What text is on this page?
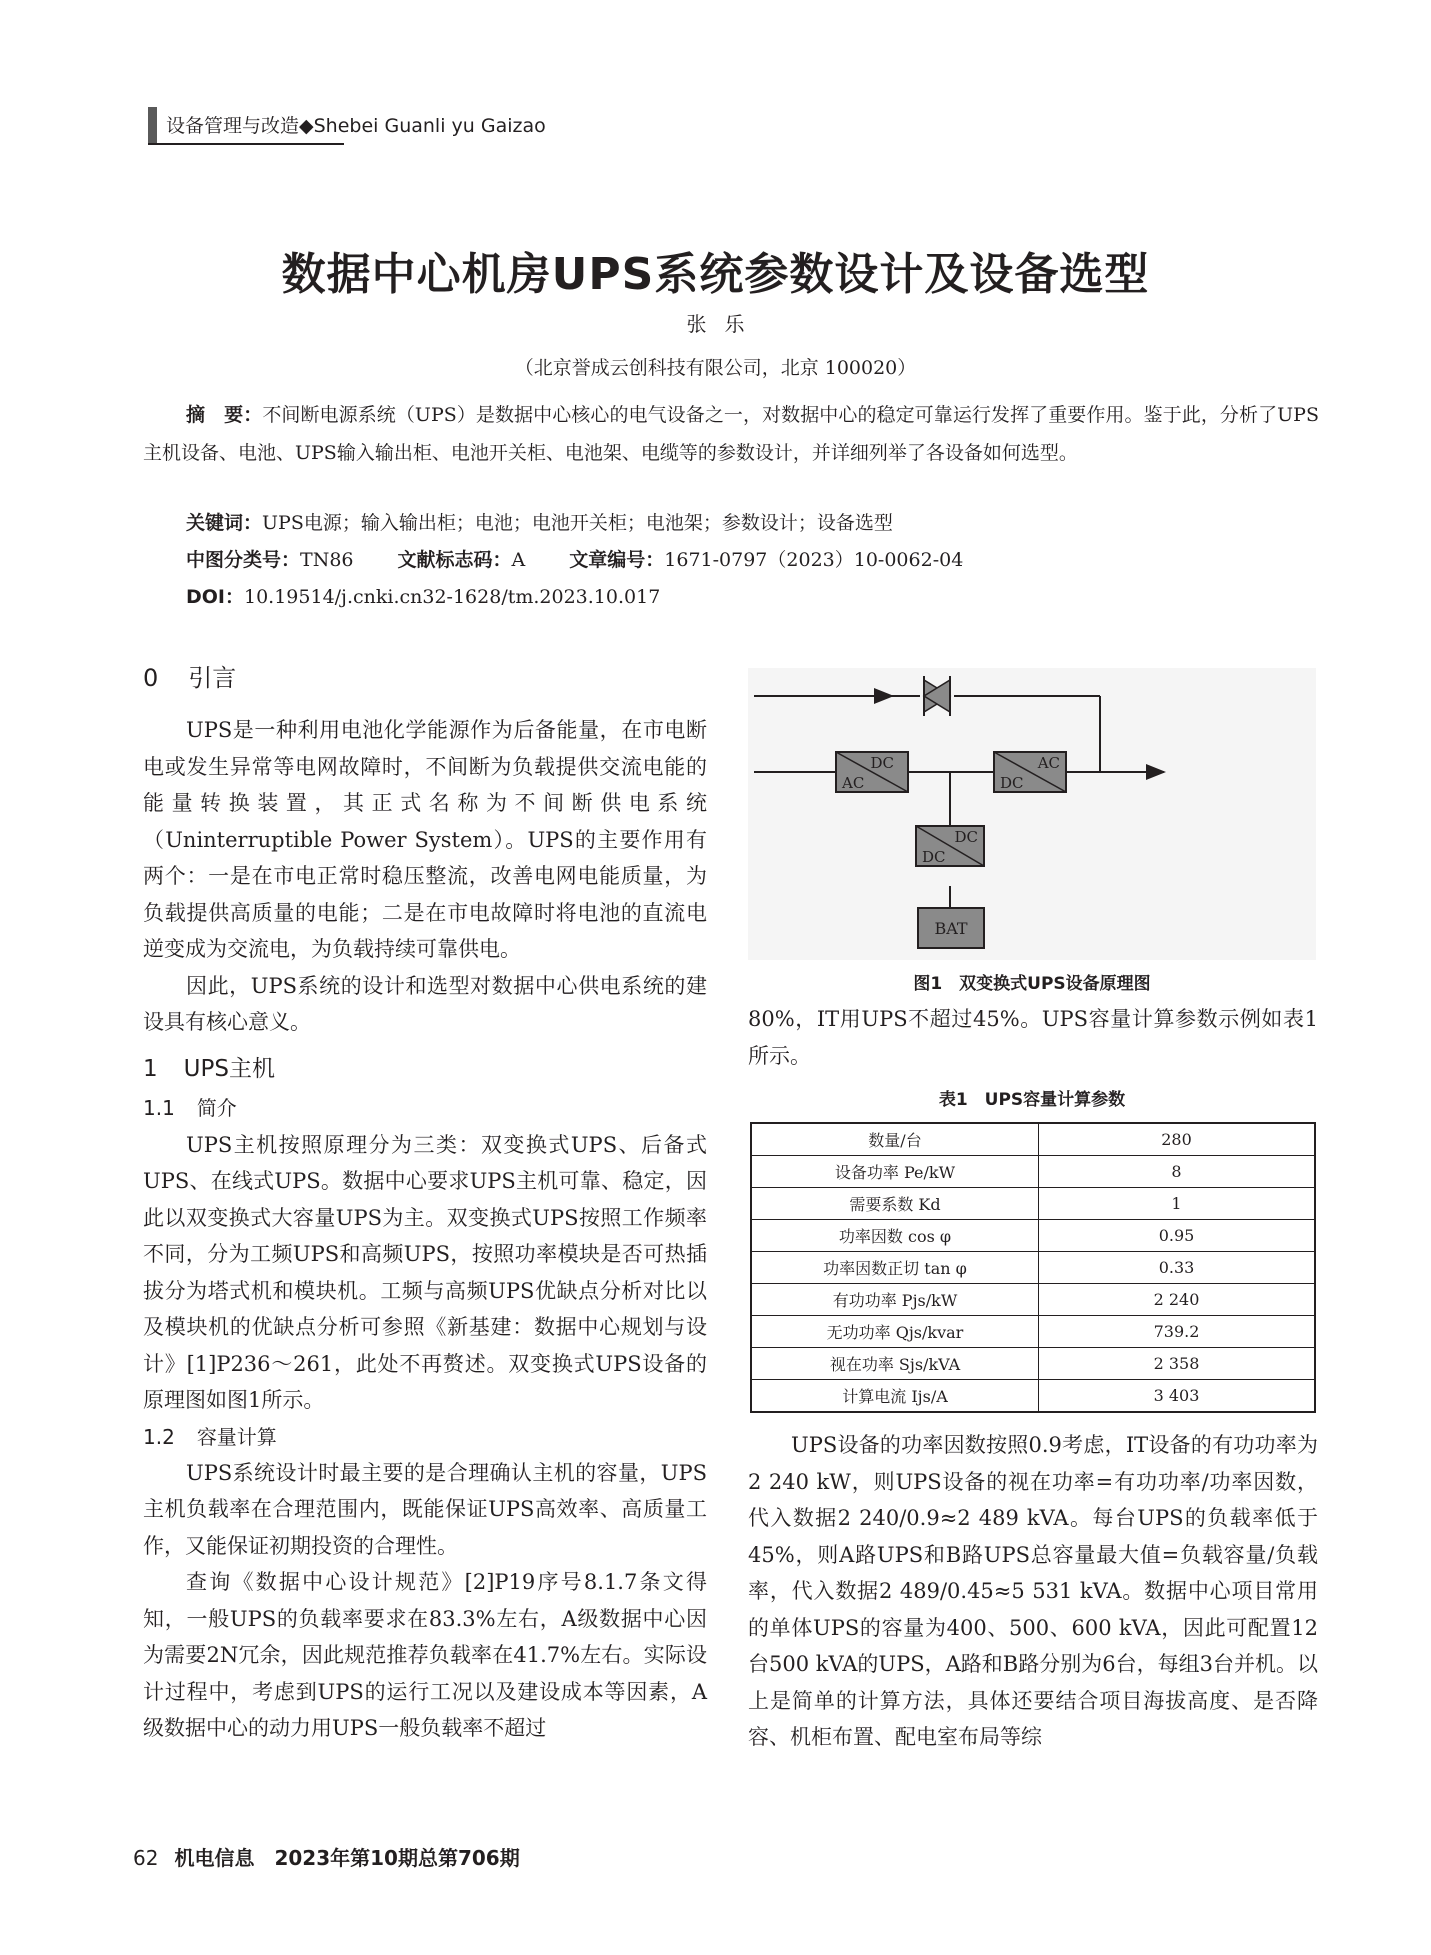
设备管理与改造◆Shebei Guanli yu Gaizao
数据中心机房UPS系统参数设计及设备选型
张乐
（北京誉成云创科技有限公司，北京 100020）
摘　要：不间断电源系统（UPS）是数据中心核心的电气设备之一，对数据中心的稳定可靠运行发挥了重要作用。鉴于此，分析了UPS主机设备、电池、UPS输入输出柜、电池开关柜、电池架、电缆等的参数设计，并详细列举了各设备如何选型。
关键词：UPS电源；输入输出柜；电池；电池开关柜；电池架；参数设计；设备选型
中图分类号：TN86 文献标志码：A 文章编号：1671-0797（2023）10-0062-04
DOI：10.19514/j.cnki.cn32-1628/tm.2023.10.017
0 引言

UPS是一种利用电池化学能源作为后备能量，在市电断电或发生异常等电网故障时，不间断为负载提供交流电能的能量转换装置，其正式名称为不间断供电系统（Uninterruptible Power System）。UPS的主要作用有两个：一是在市电正常时稳压整流，改善电网电能质量，为负载提供高质量的电能；二是在市电故障时将电池的直流电逆变成为交流电，为负载持续可靠供电。

因此，UPS系统的设计和选型对数据中心供电系统的建设具有核心意义。

1 UPS主机
1.1 简介

UPS主机按照原理分为三类：双变换式UPS、后备式UPS、在线式UPS。数据中心要求UPS主机可靠、稳定，因此以双变换式大容量UPS为主。双变换式UPS按照工作频率不同，分为工频UPS和高频UPS，按照功率模块是否可热插拔分为塔式机和模块机。工频与高频UPS优缺点分析对比以及模块机的优缺点分析可参照《新基建：数据中心规划与设计》[1]P236～261，此处不再赘述。双变换式UPS设备的原理图如图1所示。

1.2 容量计算

UPS系统设计时最主要的是合理确认主机的容量，UPS主机负载率在合理范围内，既能保证UPS高效率、高质量工作，又能保证初期投资的合理性。

查询《数据中心设计规范》[2]P19序号8.1.7条文得知，一般UPS的负载率要求在83.3%左右，A级数据中心因为需要2N冗余，因此规范推荐负载率在41.7%左右。实际设计过程中，考虑到UPS的运行工况以及建设成本等因素，A级数据中心的动力用UPS一般负载率不超过

DC
AC
AC
DC
DC
DC
BAT
图1　双变换式UPS设备原理图

80%，IT用UPS不超过45%。UPS容量计算参数示例如表1所示。

表1　UPS容量计算参数
数量/台	280
设备功率 Pe/kW	8
需要系数 Kd	1
功率因数 cos φ	0.95
功率因数正切 tan φ	0.33
有功功率 Pjs/kW	2 240
无功功率 Qjs/kvar	739.2
视在功率 Sjs/kVA	2 358
计算电流 Ijs/A	3 403

UPS设备的功率因数按照0.9考虑，IT设备的有功功率为2 240 kW，则UPS设备的视在功率=有功功率/功率因数，代入数据2 240/0.9≈2 489 kVA。每台UPS的负载率低于45%，则A路UPS和B路UPS总容量最大值=负载容量/负载率，代入数据2 489/0.45≈5 531 kVA。数据中心项目常用的单体UPS的容量为400、500、600 kVA，因此可配置12台500 kVA的UPS，A路和B路分别为6台，每组3台并机。以上是简单的计算方法，具体还要结合项目海拔高度、是否降容、机柜布置、配电室布局等综

62 机电信息　2023年第10期总第706期
